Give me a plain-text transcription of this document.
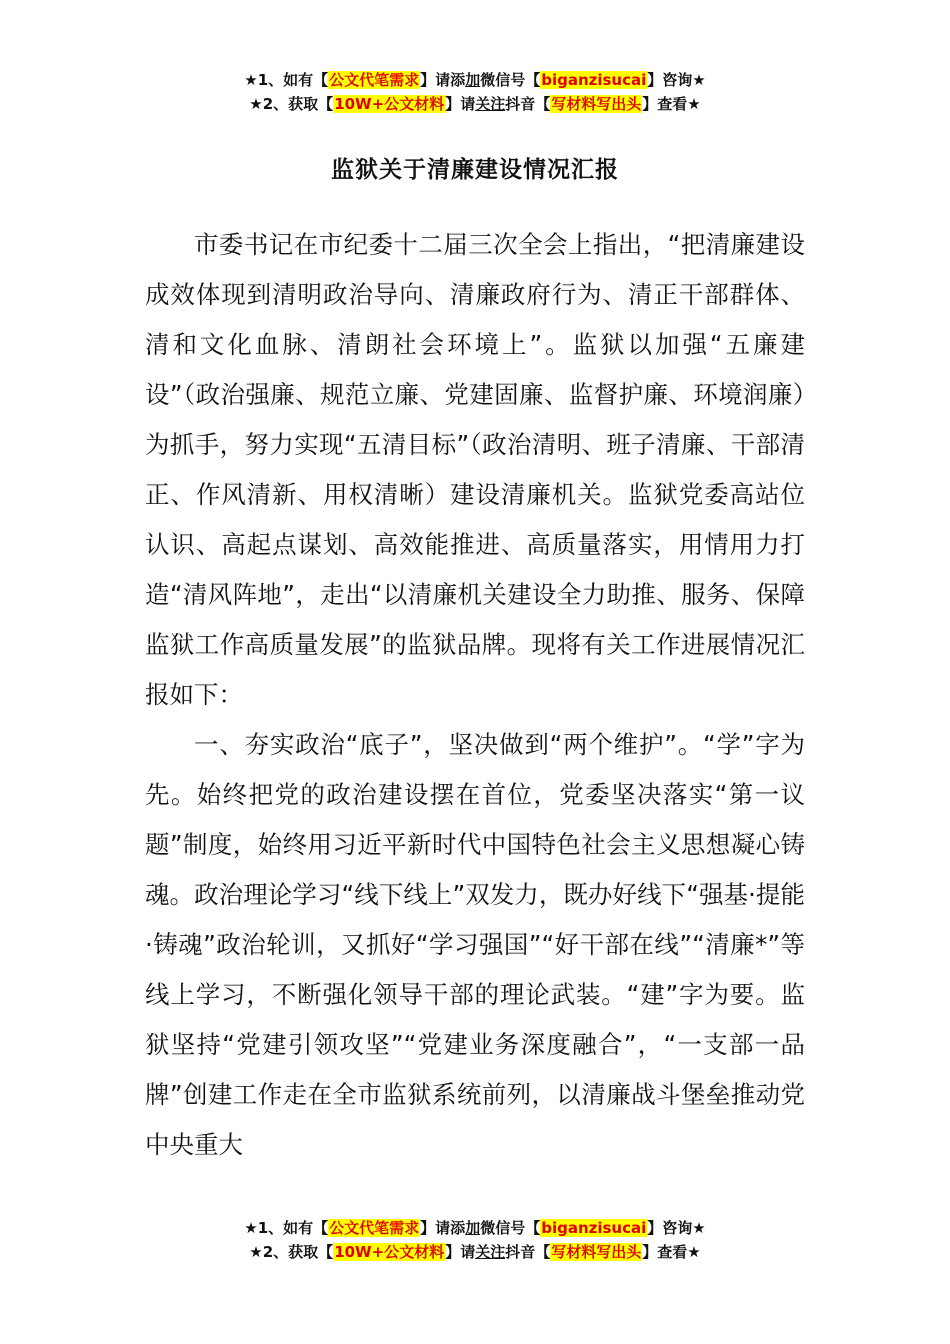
★1、如有【公文代笔需求】请添加微信号【biganzisucai】咨询★
★2、获取【10W+公文材料】请关注抖音【写材料写出头】查看★
监狱关于清廉建设情况汇报

市委书记在市纪委十二届三次全会上指出，“把清廉建设成效体现到清明政治导向、清廉政府行为、清正干部群体、清和文化血脉、清朗社会环境上”。监狱以加强“五廉建设”（政治强廉、规范立廉、党建固廉、监督护廉、环境润廉）为抓手，努力实现“五清目标”（政治清明、班子清廉、干部清正、作风清新、用权清晰）建设清廉机关。监狱党委高站位认识、高起点谋划、高效能推进、高质量落实，用情用力打造“清风阵地”，走出“以清廉机关建设全力助推、服务、保障监狱工作高质量发展”的监狱品牌。现将有关工作进展情况汇报如下：

一、夯实政治“底子”，坚决做到“两个维护”。“学”字为先。始终把党的政治建设摆在首位，党委坚决落实“第一议题”制度，始终用习近平新时代中国特色社会主义思想凝心铸魂。政治理论学习“线下线上”双发力，既办好线下“强基·提能·铸魂”政治轮训，又抓好“学习强国”“好干部在线”“清廉*”等线上学习，不断强化领导干部的理论武装。“建”字为要。监狱坚持“党建引领攻坚”“党建业务深度融合”，“一支部一品牌”创建工作走在全市监狱系统前列，以清廉战斗堡垒推动党中央重大

★1、如有【公文代笔需求】请添加微信号【biganzisucai】咨询★
★2、获取【10W+公文材料】请关注抖音【写材料写出头】查看★
